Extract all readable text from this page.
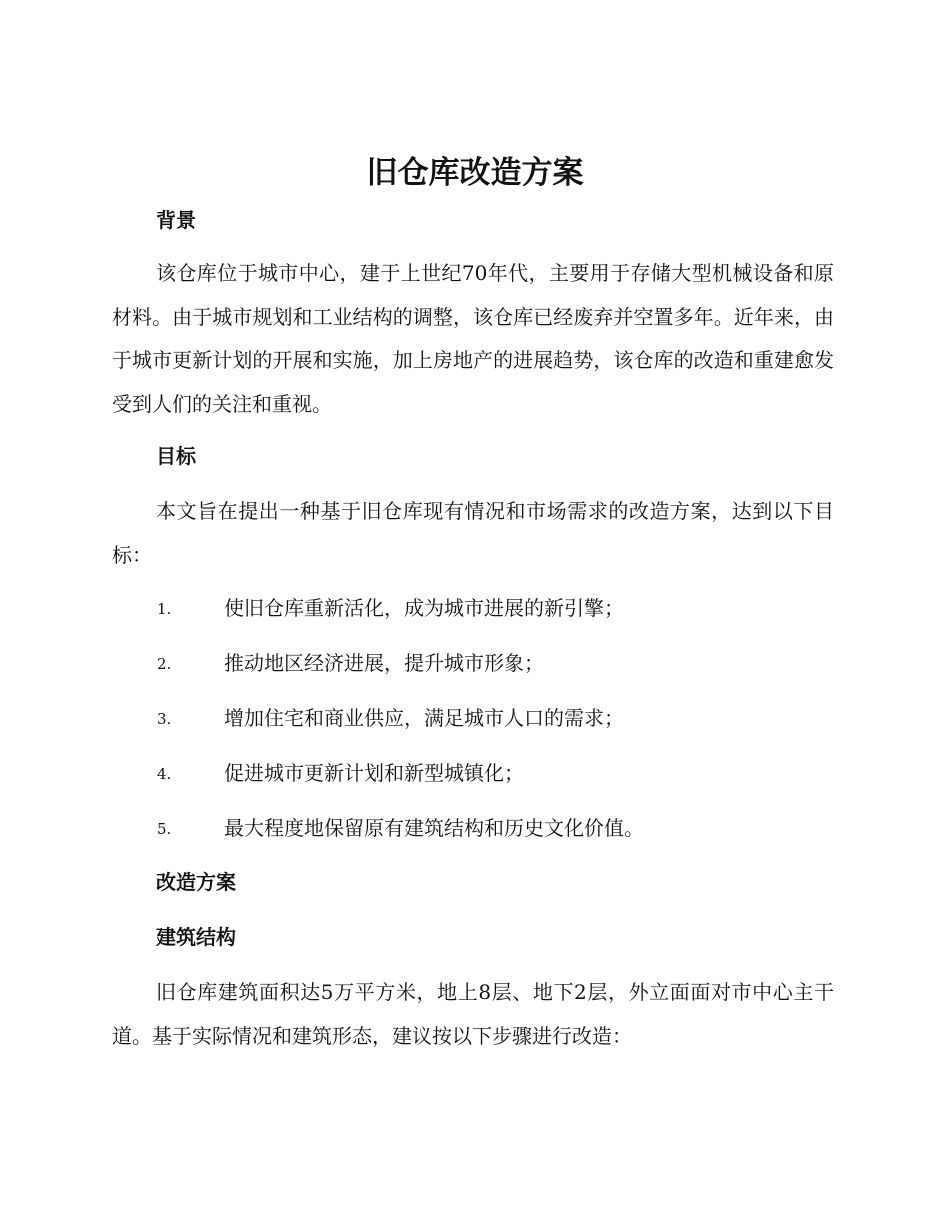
旧仓库改造方案
背景

该仓库位于城市中心，建于上世纪70年代，主要用于存储大型机械设备和原材料。由于城市规划和工业结构的调整，该仓库已经废弃并空置多年。近年来，由于城市更新计划的开展和实施，加上房地产的进展趋势，该仓库的改造和重建愈发受到人们的关注和重视。

目标

本文旨在提出一种基于旧仓库现有情况和市场需求的改造方案，达到以下目标：

1.	使旧仓库重新活化，成为城市进展的新引擎；
2.	推动地区经济进展，提升城市形象；
3.	增加住宅和商业供应，满足城市人口的需求；
4.	促进城市更新计划和新型城镇化；
5.	最大程度地保留原有建筑结构和历史文化价值。
改造方案
建筑结构

旧仓库建筑面积达5万平方米，地上8层、地下2层，外立面面对市中心主干道。基于实际情况和建筑形态，建议按以下步骤进行改造：
